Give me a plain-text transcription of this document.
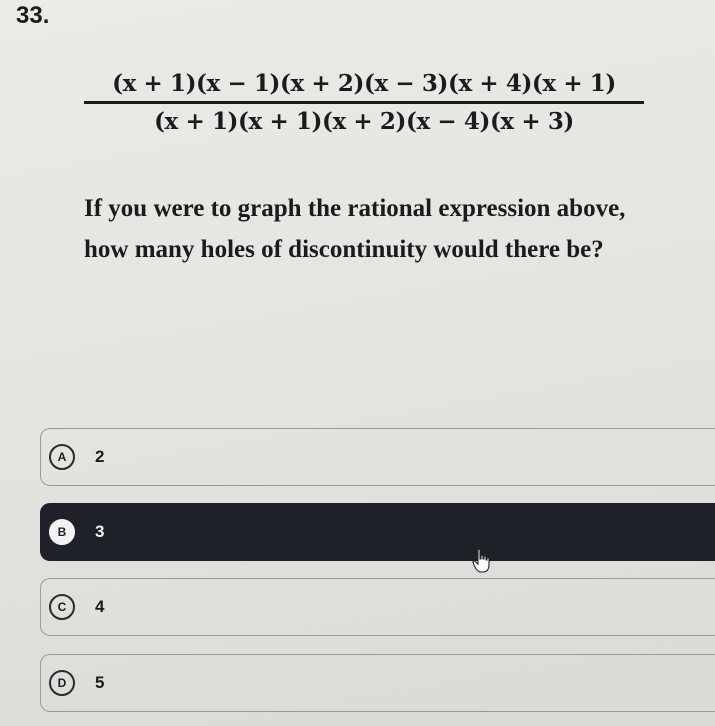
33.
(x + 1)(x − 1)(x + 2)(x − 3)(x + 4)(x + 1)
(x + 1)(x + 1)(x + 2)(x − 4)(x + 3)
If you were to graph the rational expression above, how many holes of discontinuity would there be?
A	2
B	3
C	4
D	5
